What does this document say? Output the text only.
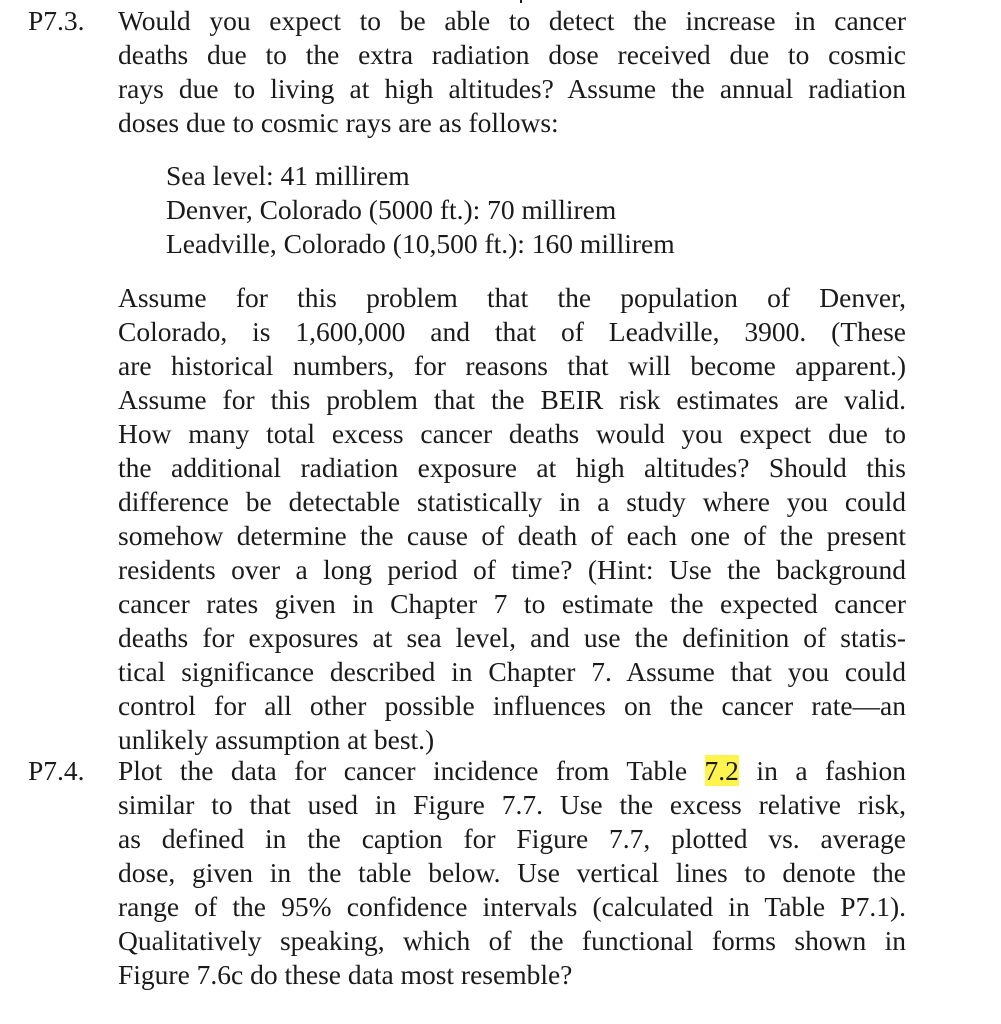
P7.3. Would you expect to be able to detect the increase in cancer
deaths due to the extra radiation dose received due to cosmic
rays due to living at high altitudes? Assume the annual radiation
doses due to cosmic rays are as follows:
Sea level: 41 millirem
Denver, Colorado (5000 ft.): 70 millirem
Leadville, Colorado (10,500 ft.): 160 millirem
Assume for this problem that the population of Denver,
Colorado, is 1,600,000 and that of Leadville, 3900. (These
are historical numbers, for reasons that will become apparent.)
Assume for this problem that the BEIR risk estimates are valid.
How many total excess cancer deaths would you expect due to
the additional radiation exposure at high altitudes? Should this
difference be detectable statistically in a study where you could
somehow determine the cause of death of each one of the present
residents over a long period of time? (Hint: Use the background
cancer rates given in Chapter 7 to estimate the expected cancer
deaths for exposures at sea level, and use the definition of statis-
tical significance described in Chapter 7. Assume that you could
control for all other possible influences on the cancer rate—an
unlikely assumption at best.)
P7.4. Plot the data for cancer incidence from Table 7.2 in a fashion
similar to that used in Figure 7.7. Use the excess relative risk,
as defined in the caption for Figure 7.7, plotted vs. average
dose, given in the table below. Use vertical lines to denote the
range of the 95% confidence intervals (calculated in Table P7.1).
Qualitatively speaking, which of the functional forms shown in
Figure 7.6c do these data most resemble?
